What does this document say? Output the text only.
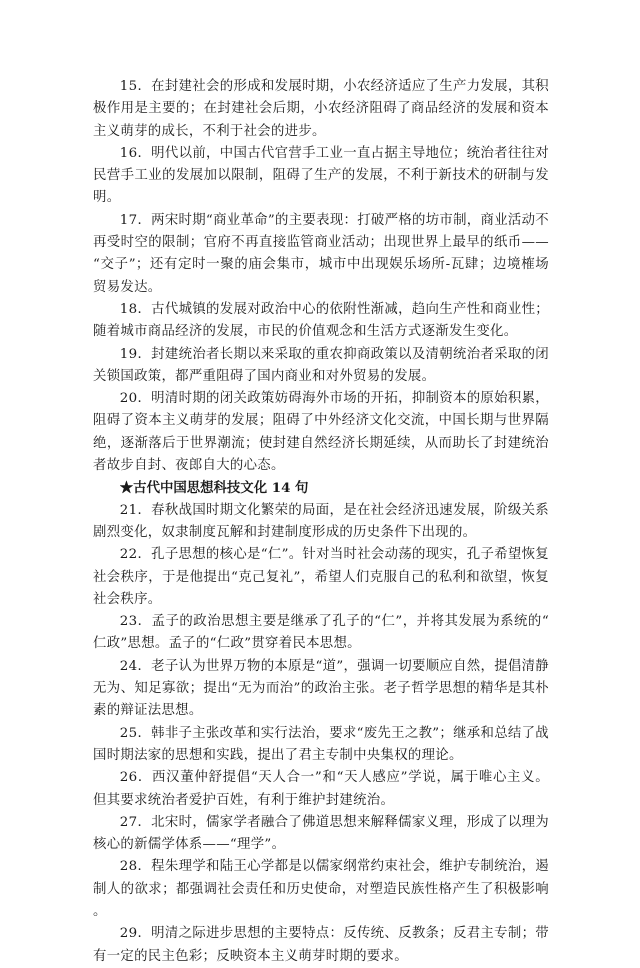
15．在封建社会的形成和发展时期，小农经济适应了生产力发展，其积极作用是主要的；在封建社会后期，小农经济阻碍了商品经济的发展和资本主义萌芽的成长，不利于社会的进步。

16．明代以前，中国古代官营手工业一直占据主导地位；统治者往往对民营手工业的发展加以限制，阻碍了生产的发展，不利于新技术的研制与发明。

17．两宋时期“商业革命”的主要表现：打破严格的坊市制，商业活动不再受时空的限制；官府不再直接监管商业活动；出现世界上最早的纸币——“交子”；还有定时一聚的庙会集市，城市中出现娱乐场所-瓦肆；边境榷场贸易发达。

18．古代城镇的发展对政治中心的依附性渐减，趋向生产性和商业性；随着城市商品经济的发展，市民的价值观念和生活方式逐渐发生变化。

19．封建统治者长期以来采取的重农抑商政策以及清朝统治者采取的闭关锁国政策，都严重阻碍了国内商业和对外贸易的发展。

20．明清时期的闭关政策妨碍海外市场的开拓，抑制资本的原始积累，阻碍了资本主义萌芽的发展；阻碍了中外经济文化交流，中国长期与世界隔绝，逐渐落后于世界潮流；使封建自然经济长期延续，从而助长了封建统治者故步自封、夜郎自大的心态。

★古代中国思想科技文化 14 句

21．春秋战国时期文化繁荣的局面，是在社会经济迅速发展，阶级关系剧烈变化，奴隶制度瓦解和封建制度形成的历史条件下出现的。

22．孔子思想的核心是“仁”。针对当时社会动荡的现实，孔子希望恢复社会秩序，于是他提出“克己复礼”，希望人们克服自己的私利和欲望，恢复社会秩序。

23．孟子的政治思想主要是继承了孔子的“仁”，并将其发展为系统的“仁政”思想。孟子的“仁政”贯穿着民本思想。

24．老子认为世界万物的本原是“道”，强调一切要顺应自然，提倡清静无为、知足寡欲；提出“无为而治”的政治主张。老子哲学思想的精华是其朴素的辩证法思想。

25．韩非子主张改革和实行法治，要求“废先王之教”；继承和总结了战国时期法家的思想和实践，提出了君主专制中央集权的理论。

26．西汉董仲舒提倡“天人合一”和“天人感应”学说，属于唯心主义。但其要求统治者爱护百姓，有利于维护封建统治。

27．北宋时，儒家学者融合了佛道思想来解释儒家义理，形成了以理为核心的新儒学体系——“理学”。

28．程朱理学和陆王心学都是以儒家纲常约束社会，维护专制统治，遏制人的欲求；都强调社会责任和历史使命，对塑造民族性格产生了积极影响。

29．明清之际进步思想的主要特点：反传统、反教条；反君主专制；带有一定的民主色彩；反映资本主义萌芽时期的要求。
